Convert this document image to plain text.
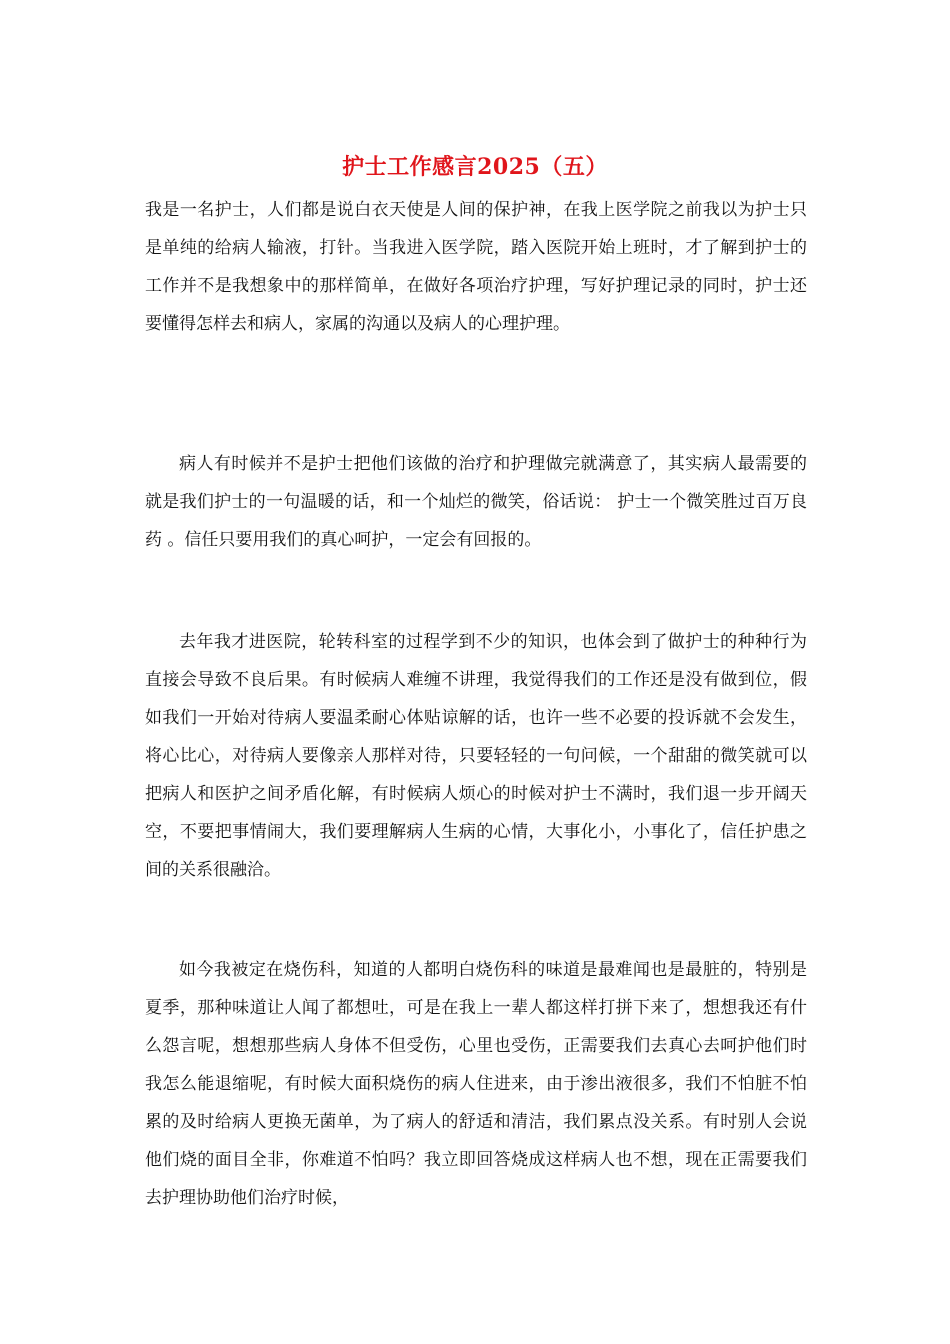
护士工作感言2025（五）

我是一名护士，人们都是说白衣天使是人间的保护神，在我上医学院之前我以为护士只是单纯的给病人输液，打针。当我进入医学院，踏入医院开始上班时，才了解到护士的工作并不是我想象中的那样简单，在做好各项治疗护理，写好护理记录的同时，护士还要懂得怎样去和病人，家属的沟通以及病人的心理护理。

病人有时候并不是护士把他们该做的治疗和护理做完就满意了，其实病人最需要的就是我们护士的一句温暖的话，和一个灿烂的微笑，俗话说： 护士一个微笑胜过百万良药 。信任只要用我们的真心呵护，一定会有回报的。

去年我才进医院，轮转科室的过程学到不少的知识，也体会到了做护士的种种行为直接会导致不良后果。有时候病人难缠不讲理，我觉得我们的工作还是没有做到位，假如我们一开始对待病人要温柔耐心体贴谅解的话，也许一些不必要的投诉就不会发生，将心比心，对待病人要像亲人那样对待，只要轻轻的一句问候，一个甜甜的微笑就可以把病人和医护之间矛盾化解，有时候病人烦心的时候对护士不满时，我们退一步开阔天空，不要把事情闹大，我们要理解病人生病的心情，大事化小，小事化了，信任护患之间的关系很融洽。

如今我被定在烧伤科，知道的人都明白烧伤科的味道是最难闻也是最脏的，特别是夏季，那种味道让人闻了都想吐，可是在我上一辈人都这样打拼下来了，想想我还有什么怨言呢，想想那些病人身体不但受伤，心里也受伤，正需要我们去真心去呵护他们时我怎么能退缩呢，有时候大面积烧伤的病人住进来，由于渗出液很多，我们不怕脏不怕累的及时给病人更换无菌单，为了病人的舒适和清洁，我们累点没关系。有时别人会说他们烧的面目全非，你难道不怕吗？我立即回答烧成这样病人也不想，现在正需要我们去护理协助他们治疗时候，
